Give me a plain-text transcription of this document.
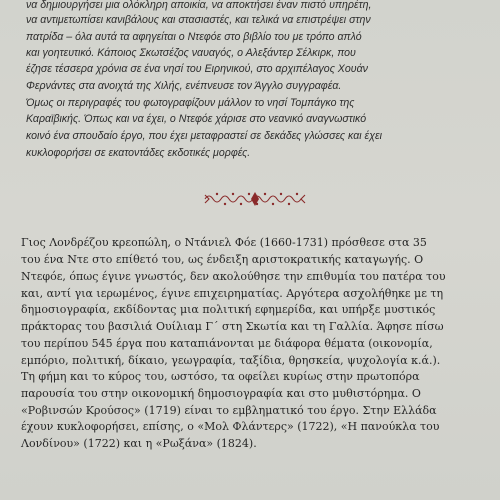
να δημιουργήσει μια ολόκληρη αποικία, να αποκτήσει έναν πιστό υπηρέτη,
να αντιμετωπίσει κανιβάλους και στασιαστές, και τελικά να επιστρέψει στην
πατρίδα – όλα αυτά τα αφηγείται ο Ντεφόε στο βιβλίο του με τρόπο απλό
και γοητευτικό. Κάποιος Σκωτσέζος ναυαγός, ο Αλεξάντερ Σέλκιρκ, που
έζησε τέσσερα χρόνια σε ένα νησί του Ειρηνικού, στο αρχιπέλαγος Χουάν
Φερνάντες στα ανοιχτά της Χιλής, ενέπνευσε τον Άγγλο συγγραφέα.
Όμως οι περιγραφές του φωτογραφίζουν μάλλον το νησί Τομπάγκο της
Καραϊβικής. Όπως και να έχει, ο Ντεφόε χάρισε στο νεανικό αναγνωστικό
κοινό ένα σπουδαίο έργο, που έχει μεταφραστεί σε δεκάδες γλώσσες και έχει
κυκλοφορήσει σε εκατοντάδες εκδοτικές μορφές.
Γιος Λονδρέζου κρεοπώλη, ο Ντάνιελ Φόε (1660-1731) πρόσθεσε στα 35
του ένα Ντε στο επίθετό του, ως ένδειξη αριστοκρατικής καταγωγής. Ο
Ντεφόε, όπως έγινε γνωστός, δεν ακολούθησε την επιθυμία του πατέρα του
και, αντί για ιερωμένος, έγινε επιχειρηματίας. Αργότερα ασχολήθηκε με τη
δημοσιογραφία, εκδίδοντας μια πολιτική εφημερίδα, και υπήρξε μυστικός
πράκτορας του βασιλιά Ουίλιαμ Γ΄ στη Σκωτία και τη Γαλλία. Άφησε πίσω
του περίπου 545 έργα που καταπιάνονται με διάφορα θέματα (οικονομία,
εμπόριο, πολιτική, δίκαιο, γεωγραφία, ταξίδια, θρησκεία, ψυχολογία κ.ά.).
Τη φήμη και το κύρος του, ωστόσο, τα οφείλει κυρίως στην πρωτοπόρα
παρουσία του στην οικονομική δημοσιογραφία και στο μυθιστόρημα. Ο
«Ροβινσών Κρούσος» (1719) είναι το εμβληματικό του έργο. Στην Ελλάδα
έχουν κυκλοφορήσει, επίσης, ο «Μολ Φλάντερς» (1722), «Η πανούκλα του
Λονδίνου» (1722) και η «Ρωξάνα» (1824).
